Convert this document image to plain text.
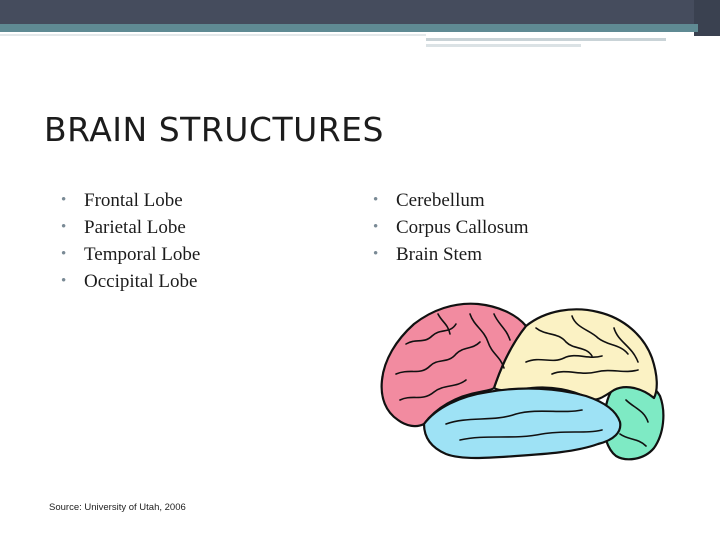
BRAIN STRUCTURES
• Frontal Lobe
• Parietal Lobe
• Temporal Lobe
• Occipital Lobe
• Cerebellum
• Corpus Callosum
• Brain Stem
Source: University of Utah, 2006
